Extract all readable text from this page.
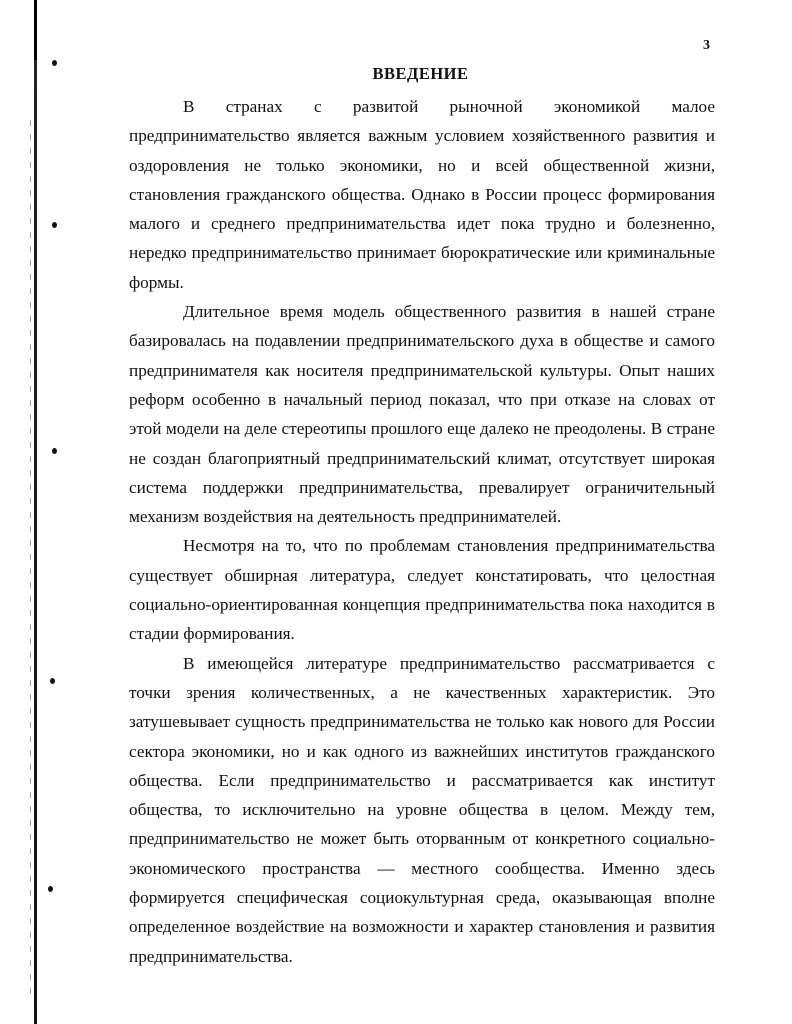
3
ВВЕДЕНИЕ

В странах с развитой рыночной экономикой малое предпринимательство является важным условием хозяйственного развития и оздоровления не только экономики, но и всей общественной жизни, становления гражданского общества. Однако в России процесс формирования малого и среднего предпринимательства идет пока трудно и болезненно, нередко предпринимательство принимает бюрократические или криминальные формы.

Длительное время модель общественного развития в нашей стране базировалась на подавлении предпринимательского духа в обществе и самого предпринимателя как носителя предпринимательской культуры. Опыт наших реформ особенно в начальный период показал, что при отказе на словах от этой модели на деле стереотипы прошлого еще далеко не преодолены. В стране не создан благоприятный предпринимательский климат, отсутствует широкая система поддержки предпринимательства, превалирует ограничительный механизм воздействия на деятельность предпринимателей.

Несмотря на то, что по проблемам становления предпринимательства существует обширная литература, следует констатировать, что целостная социально-ориентированная концепция предпринимательства пока находится в стадии формирования.

В имеющейся литературе предпринимательство рассматривается с точки зрения количественных, а не качественных характеристик. Это затушевывает сущность предпринимательства не только как нового для России сектора экономики, но и как одного из важнейших институтов гражданского общества. Если предпринимательство и рассматривается как институт общества, то исключительно на уровне общества в целом. Между тем, предпринимательство не может быть оторванным от конкретного социально-экономического пространства — местного сообщества. Именно здесь формируется специфическая социокультурная среда, оказывающая вполне определенное воздействие на возможности и характер становления и развития предпринимательства.
